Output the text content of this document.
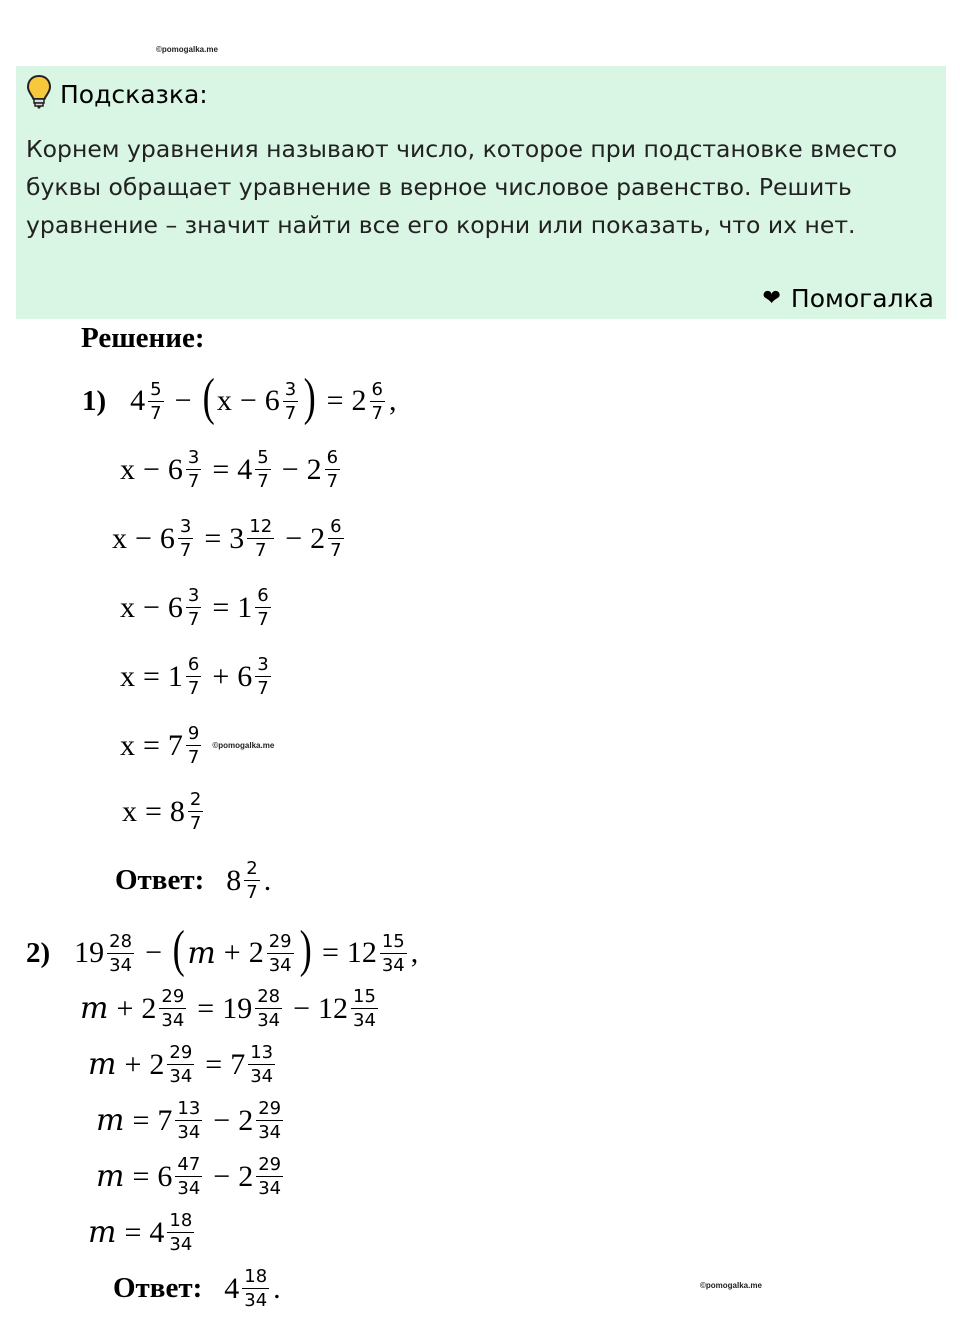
©pomogalka.me
Подсказка:
Корнем уравнения называют число, которое при подстановке вместо буквы обращает уравнение в верное числовое равенство. Решить уравнение – значит найти все его корни или показать, что их нет.
❤ Помогалка
Решение:
1) $4 \frac{5}{7}$ − ( $x - 6 \frac{3}{7}$ ) = $2 \frac{6}{7}$ ,
$x - 6 \frac{3}{7} = 4 \frac{5}{7} - 2 \frac{6}{7}$
$x - 6 \frac{3}{7} = 3 \frac{12}{7} - 2 \frac{6}{7}$
$x - 6 \frac{3}{7} = 1 \frac{6}{7}$
$x = 1 \frac{6}{7} + 6 \frac{3}{7}$
$x = 7 \frac{9}{7}$ ©pomogalka.me
$x = 8 \frac{2}{7}$
Ответ: $8 \frac{2}{7}$ .
2) $19 \frac{28}{34}$ − ( $m + 2 \frac{29}{34}$ ) = $12 \frac{15}{34}$ ,
$m + 2 \frac{29}{34} = 19 \frac{28}{34} - 12 \frac{15}{34}$
$m + 2 \frac{29}{34} = 7 \frac{13}{34}$
$m = 7 \frac{13}{34} - 2 \frac{29}{34}$
$m = 6 \frac{47}{34} - 2 \frac{29}{34}$
$m = 4 \frac{18}{34}$
Ответ: $4 \frac{18}{34}$ .	©pomogalka.me
